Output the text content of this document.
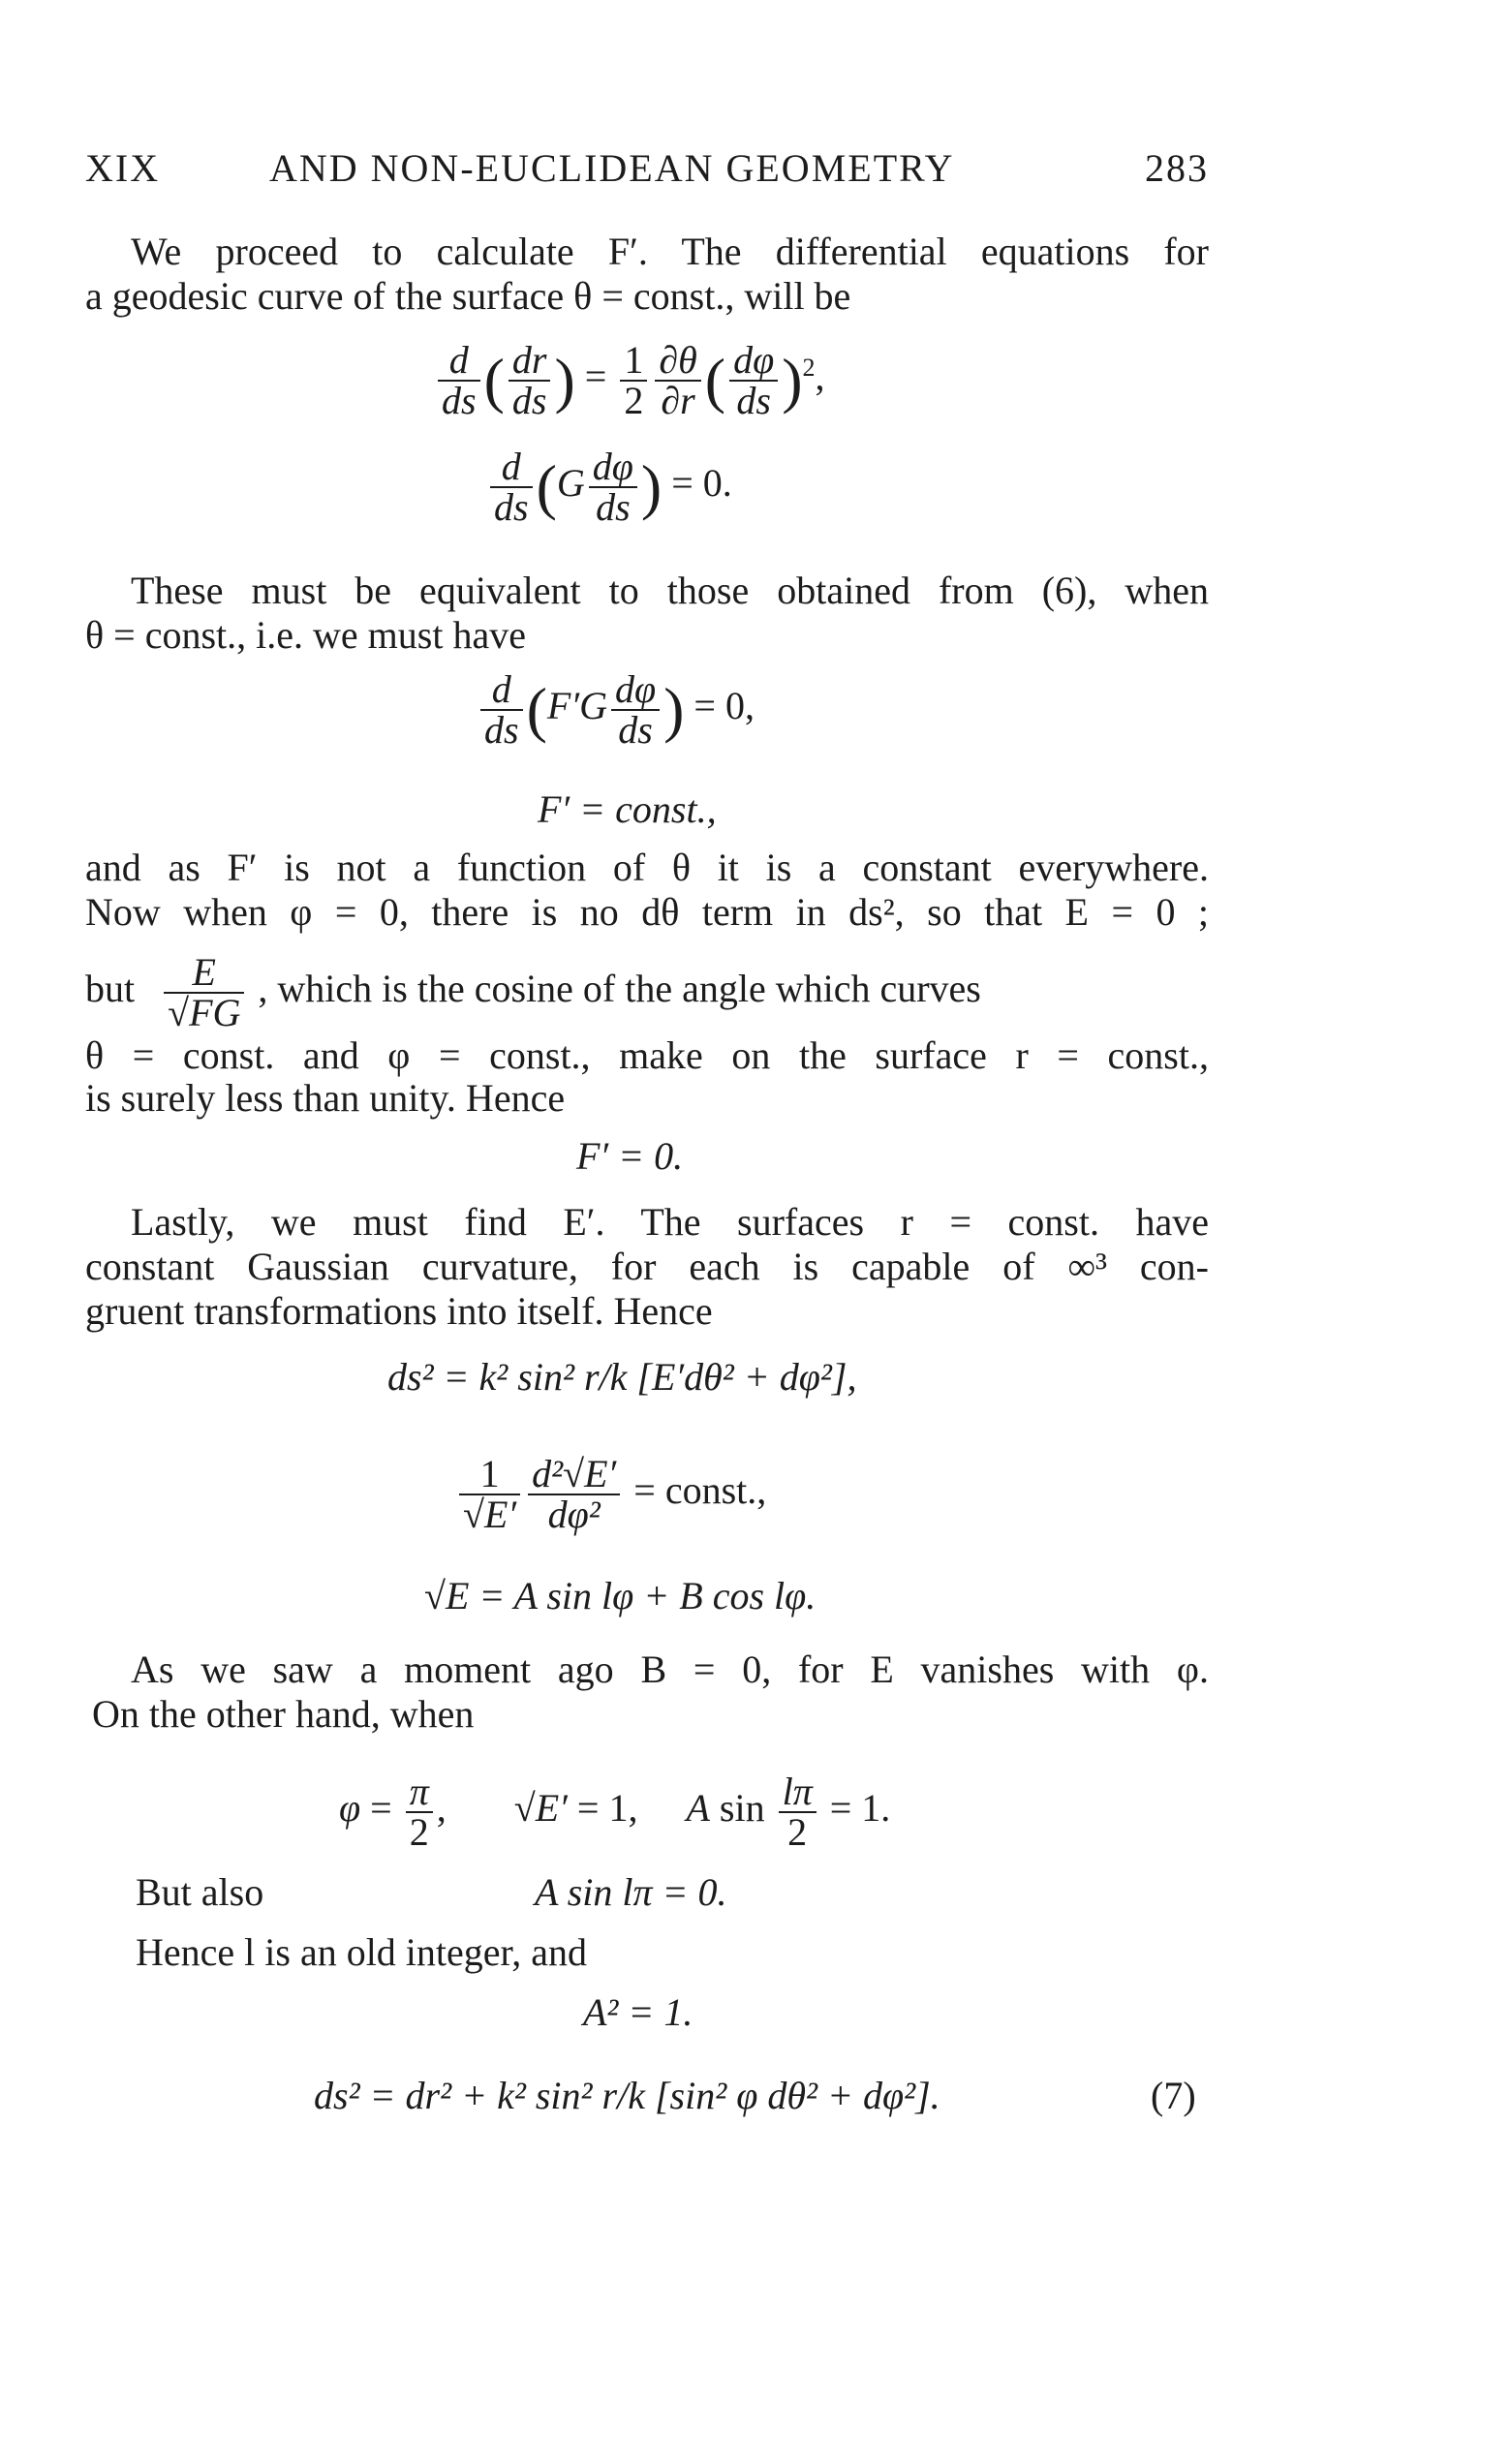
XIX	AND NON-EUCLIDEAN GEOMETRY	283
We proceed to calculate F′. The differential equations for
a geodesic curve of the surface θ = const., will be
$\frac{d}{ds}$ ( $\frac{dr}{ds}$ ) = $\frac{1}{2} \frac{\partial\theta}{\partial r}$ ( $\frac{d\varphi}{ds} )^2$,
$\frac{d}{ds} (G \frac{d\varphi}{ds}$ ) = 0.
These must be equivalent to those obtained from (6), when
θ = const., i.e. we must have
$\frac{d}{ds} (F'G \frac{d\varphi}{ds}$ ) = 0,
F′ = const.,
and as F′ is not a function of θ it is a constant everywhere.
Now when φ = 0, there is no dθ term in ds², so that E = 0 ;
but $\frac{E}{√FG}$ , which is the cosine of the angle which curves
θ = const. and φ = const., make on the surface r = const.,
is surely less than unity. Hence
F′ = 0.
Lastly, we must find E′. The surfaces r = const. have
constant Gaussian curvature, for each is capable of ∞³ con-
gruent transformations into itself. Hence
ds² = k² sin² r/k [E′dθ² + dφ²],
$\frac{1}{√E'} \frac{\text{d²√E′}}{\text{dφ²}}$ = const.,
√E = A sin lφ + B cos lφ.
As we saw a moment ago B = 0, for E vanishes with φ.
On the other hand, when
$\varphi = \frac{\pi}{2}$ , √E′ = 1, A $\sin \frac{l\pi}{2} = 1$.
But also	A sin lπ = 0.
Hence l is an old integer, and
A² = 1.
ds² = dr² + k² sin² r/k [sin² φ dθ² + dφ²].	(7)
